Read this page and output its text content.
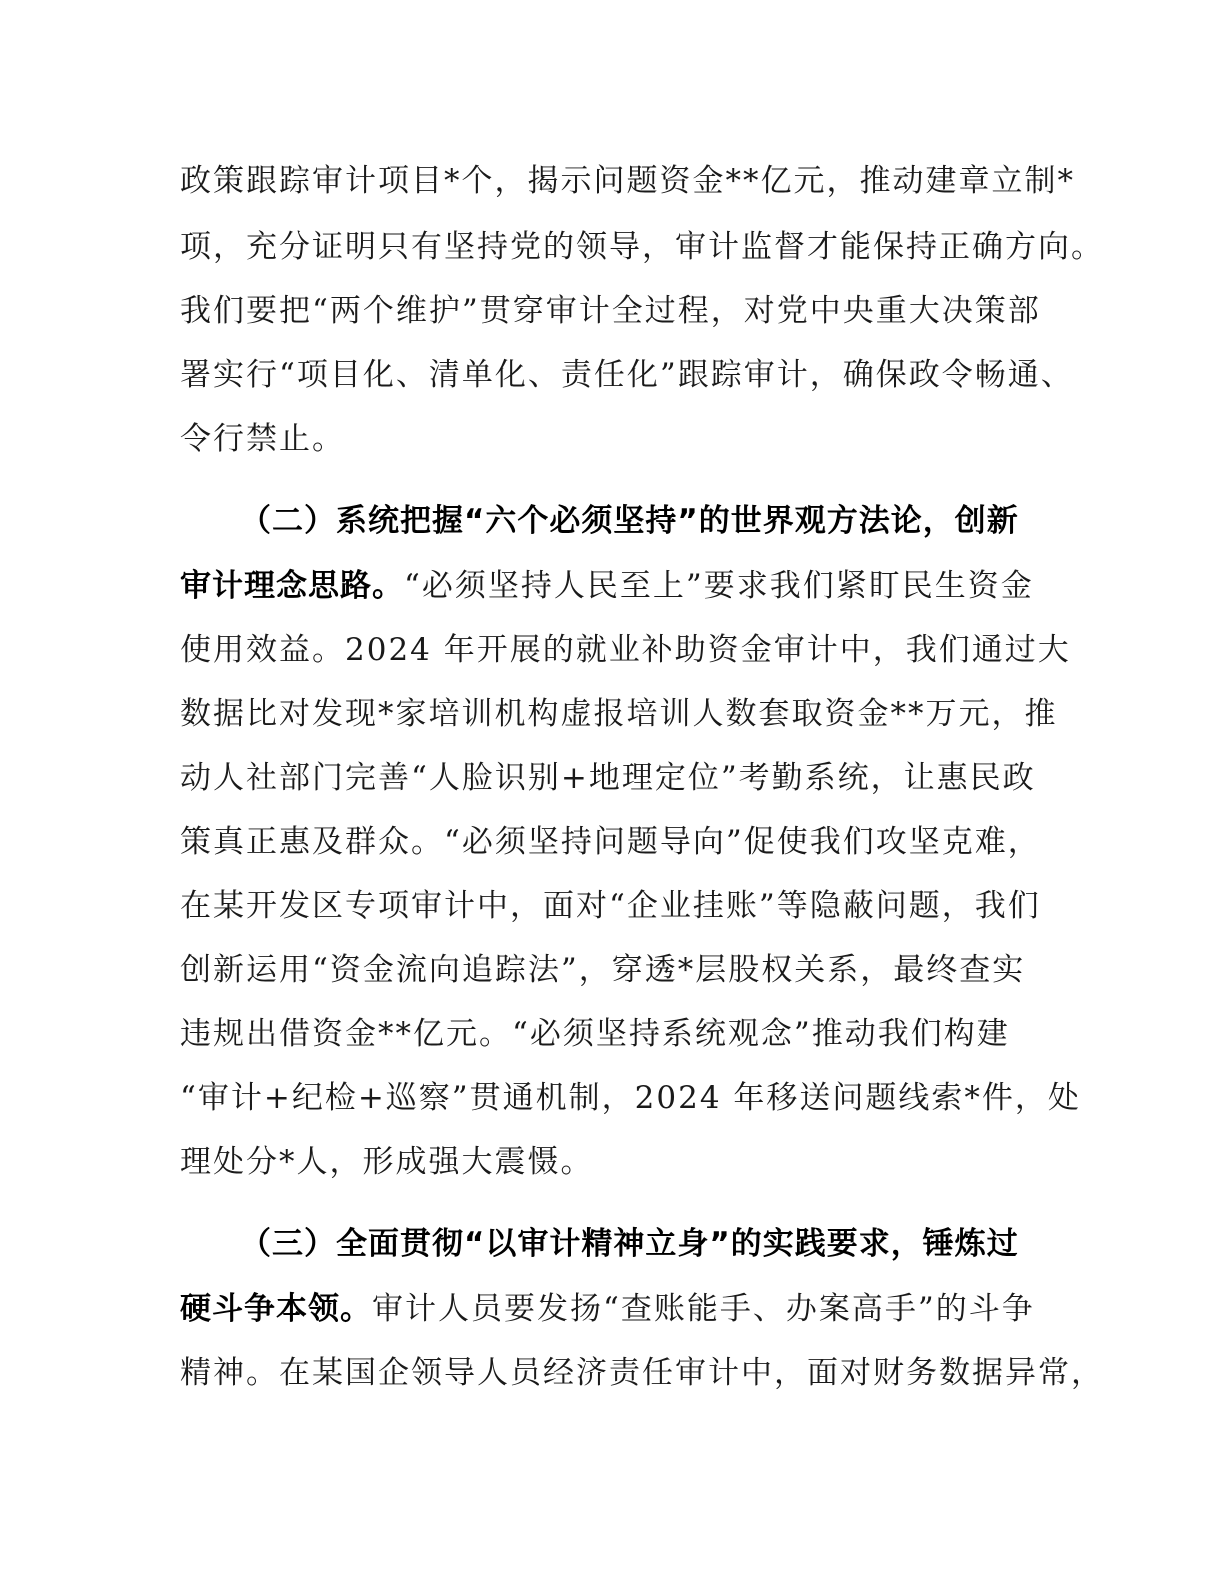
政策跟踪审计项目*个，揭示问题资金**亿元，推动建章立制*
项，充分证明只有坚持党的领导，审计监督才能保持正确方向。
我们要把“两个维护”贯穿审计全过程，对党中央重大决策部
署实行“项目化、清单化、责任化”跟踪审计，确保政令畅通、
令行禁止。
（二）系统把握“六个必须坚持”的世界观方法论，创新
审计理念思路。“必须坚持人民至上”要求我们紧盯民生资金
使用效益。2024 年开展的就业补助资金审计中，我们通过大
数据比对发现*家培训机构虚报培训人数套取资金**万元，推
动人社部门完善“人脸识别+地理定位”考勤系统，让惠民政
策真正惠及群众。“必须坚持问题导向”促使我们攻坚克难，
在某开发区专项审计中，面对“企业挂账”等隐蔽问题，我们
创新运用“资金流向追踪法”，穿透*层股权关系，最终查实
违规出借资金**亿元。“必须坚持系统观念”推动我们构建
“审计+纪检+巡察”贯通机制，2024 年移送问题线索*件，处
理处分*人，形成强大震慑。
（三）全面贯彻“以审计精神立身”的实践要求，锤炼过
硬斗争本领。审计人员要发扬“查账能手、办案高手”的斗争
精神。在某国企领导人员经济责任审计中，面对财务数据异常，
